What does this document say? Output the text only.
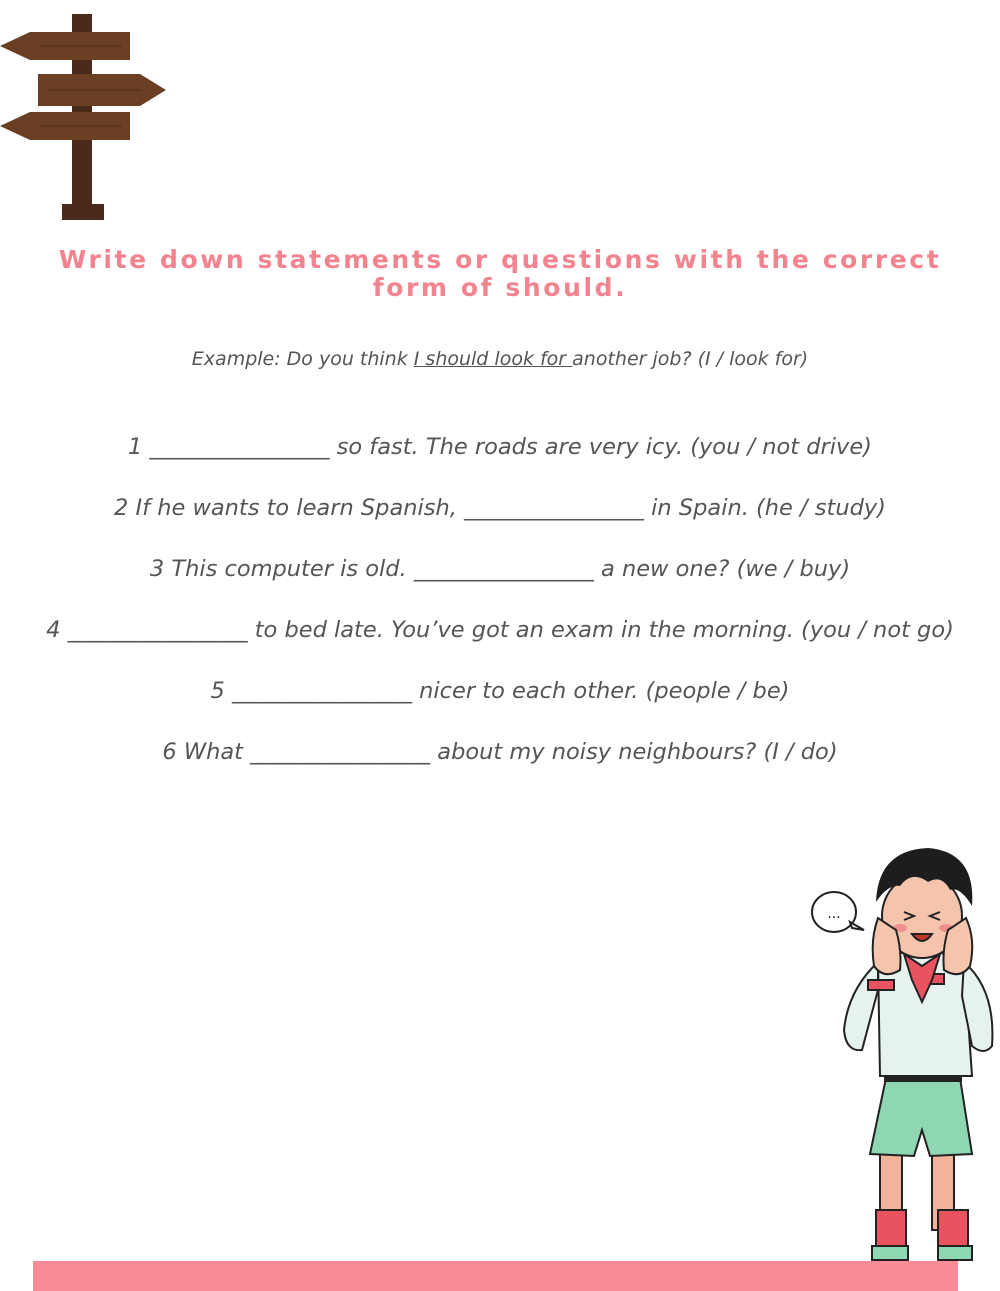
Write down statements or questions with the correct form of should.
Example: Do you think I should look for another job? (I / look for)
1 ________________ so fast. The roads are very icy. (you / not drive)
2 If he wants to learn Spanish, ________________ in Spain. (he / study)
3 This computer is old. ________________ a new one? (we / buy)
4 ________________ to bed late. You’ve got an exam in the morning. (you / not go)
5 ________________ nicer to each other. (people / be)
6 What ________________ about my noisy neighbours? (I / do)
...
